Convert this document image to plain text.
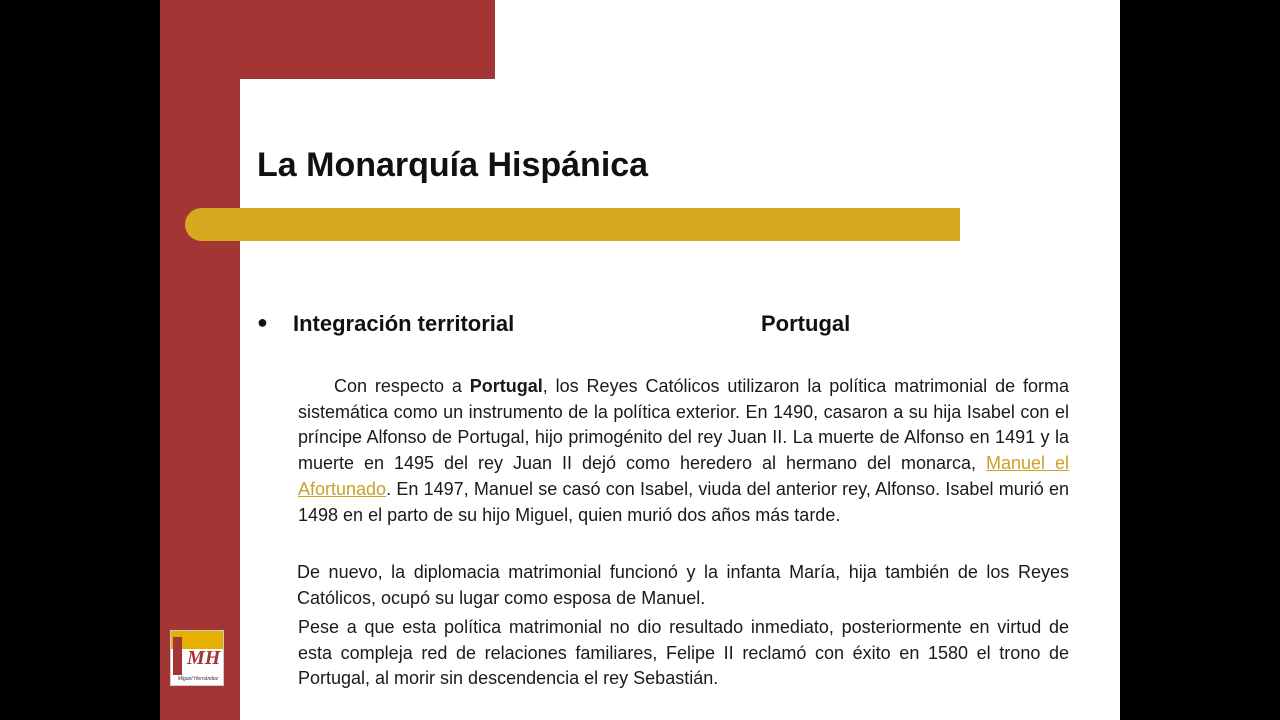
La Monarquía Hispánica
● Integración territorial	Portugal

Con respecto a Portugal, los Reyes Católicos utilizaron la política matrimonial de forma sistemática como un instrumento de la política exterior. En 1490, casaron a su hija Isabel con el príncipe Alfonso de Portugal, hijo primogénito del rey Juan II. La muerte de Alfonso en 1491 y la muerte en 1495 del rey Juan II dejó como heredero al hermano del monarca, Manuel el Afortunado. En 1497, Manuel se casó con Isabel, viuda del anterior rey, Alfonso. Isabel murió en 1498 en el parto de su hijo Miguel, quien murió dos años más tarde.

De nuevo, la diplomacia matrimonial funcionó y la infanta María, hija también de los Reyes Católicos, ocupó su lugar como esposa de Manuel.

Pese a que esta política matrimonial no dio resultado inmediato, posteriormente en virtud de esta compleja red de relaciones familiares, Felipe II reclamó con éxito en 1580 el trono de Portugal, al morir sin descendencia el rey Sebastián.

MH
Miguel Hernández
